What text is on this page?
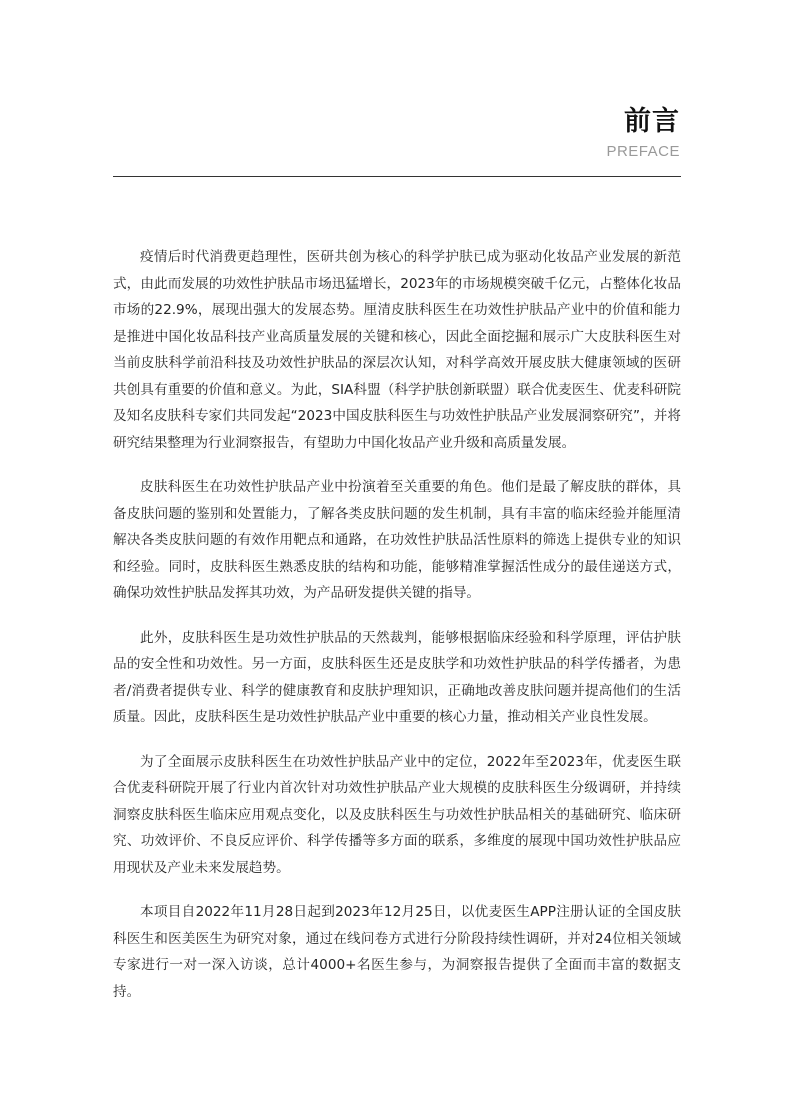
前言
PREFACE

疫情后时代消费更趋理性，医研共创为核心的科学护肤已成为驱动化妆品产业发展的新范式，由此而发展的功效性护肤品市场迅猛增长，2023年的市场规模突破千亿元，占整体化妆品市场的22.9%，展现出强大的发展态势。厘清皮肤科医生在功效性护肤品产业中的价值和能力是推进中国化妆品科技产业高质量发展的关键和核心，因此全面挖掘和展示广大皮肤科医生对当前皮肤科学前沿科技及功效性护肤品的深层次认知，对科学高效开展皮肤大健康领域的医研共创具有重要的价值和意义。为此，SIA科盟（科学护肤创新联盟）联合优麦医生、优麦科研院及知名皮肤科专家们共同发起“2023中国皮肤科医生与功效性护肤品产业发展洞察研究”，并将研究结果整理为行业洞察报告，有望助力中国化妆品产业升级和高质量发展。

皮肤科医生在功效性护肤品产业中扮演着至关重要的角色。他们是最了解皮肤的群体，具备皮肤问题的鉴别和处置能力，了解各类皮肤问题的发生机制，具有丰富的临床经验并能厘清解决各类皮肤问题的有效作用靶点和通路，在功效性护肤品活性原料的筛选上提供专业的知识和经验。同时，皮肤科医生熟悉皮肤的结构和功能，能够精准掌握活性成分的最佳递送方式，确保功效性护肤品发挥其功效，为产品研发提供关键的指导。

此外，皮肤科医生是功效性护肤品的天然裁判，能够根据临床经验和科学原理，评估护肤品的安全性和功效性。另一方面，皮肤科医生还是皮肤学和功效性护肤品的科学传播者，为患者/消费者提供专业、科学的健康教育和皮肤护理知识，正确地改善皮肤问题并提高他们的生活质量。因此，皮肤科医生是功效性护肤品产业中重要的核心力量，推动相关产业良性发展。

为了全面展示皮肤科医生在功效性护肤品产业中的定位，2022年至2023年，优麦医生联合优麦科研院开展了行业内首次针对功效性护肤品产业大规模的皮肤科医生分级调研，并持续洞察皮肤科医生临床应用观点变化，以及皮肤科医生与功效性护肤品相关的基础研究、临床研究、功效评价、不良反应评价、科学传播等多方面的联系，多维度的展现中国功效性护肤品应用现状及产业未来发展趋势。

本项目自2022年11月28日起到2023年12月25日，以优麦医生APP注册认证的全国皮肤科医生和医美医生为研究对象，通过在线问卷方式进行分阶段持续性调研，并对24位相关领域专家进行一对一深入访谈，总计4000+名医生参与，为洞察报告提供了全面而丰富的数据支持。
